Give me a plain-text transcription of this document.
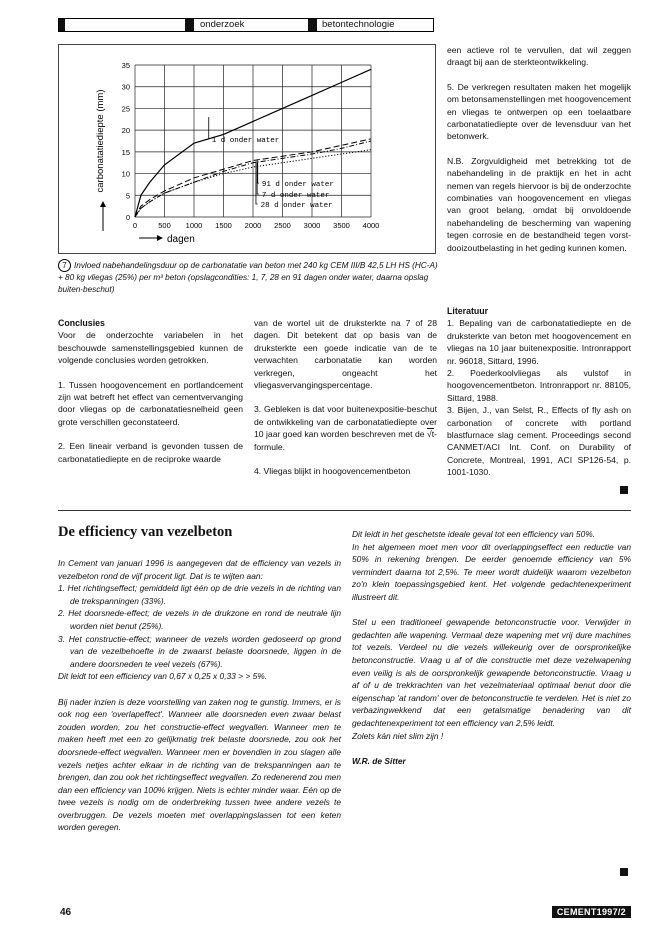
onderzoek	betontechnologie
0	500 1000 1500 2000 2500 3000 3500 4000
0
5
10
15
20
25
30
35
carbonatatiediepte (mm)
dagen
1 d onder water
91 d onder water
7 d onder water
28 d onder water
7 Invloed nabehandelingsduur op de carbonatatie van beton met 240 kg CEM III/B 42,5 LH HS (HC-A) + 80 kg vliegas (25%) per m³ beton (opslagcondities: 1, 7, 28 en 91 dagen onder water, daarna opslag buiten-beschut)

een actieve rol te vervullen, dat wil zeggen draagt bij aan de sterkteontwikkeling.

5. De verkregen resultaten maken het mogelijk om betonsamenstellingen met hoogovencement en vliegas te ontwerpen op een toelaatbare carbonatatiediepte over de levensduur van het betonwerk.

N.B. Zorgvuldigheid met betrekking tot de nabehandeling in de praktijk en het in acht nemen van regels hiervoor is bij de onderzochte combinaties van hoogovencement en vliegas van groot belang, omdat bij onvoldoende nabehandeling de bescherming van wapening tegen corrosie en de bestandheid tegen vorst-dooizoutbelasting in het geding kunnen komen.

Conclusies

Voor de onderzochte variabelen in het beschouwde samenstellingsgebied kunnen de volgende conclusies worden getrokken.

1. Tussen hoogovencement en portlandcement zijn wat betreft het effect van cementvervanging door vliegas op de carbonatatiesnelheid geen grote verschillen geconstateerd.

2. Een lineair verband is gevonden tussen de carbonatatiediepte en de reciproke waarde

van de wortel uit de druksterkte na 7 of 28 dagen. Dit betekent dat op basis van de druksterkte een goede indicatie van de te verwachten carbonatatie kan worden verkregen, ongeacht het vliegasvervangingspercentage.

3. Gebleken is dat voor buitenexpositie-beschut de ontwikkeling van de carbonatatiediepte over 10 jaar goed kan worden beschreven met de √t-formule.

4. Vliegas blijkt in hoogovencementbeton

Literatuur

1. Bepaling van de carbonatatiediepte en de druksterkte van beton met hoogovencement en vliegas na 10 jaar buitenexpositie. Intronrapport nr. 96018, Sittard, 1996.

2. Poederkoolvliegas als vulstof in hoogovencementbeton. Intronrapport nr. 88105, Sittard, 1988.

3. Bijen, J., van Selst, R., Effects of fly ash on carbonation of concrete with portland blastfurnace slag cement. Proceedings second CANMET/ACI Int. Conf. on Durability of Concrete, Montreal, 1991, ACI SP126-54, p. 1001-1030.

De efficiency van vezelbeton

In Cement van januari 1996 is aangegeven dat de efficiency van vezels in vezelbeton rond de vijf procent ligt. Dat is te wijten aan:

1. Het richtingseffect; gemiddeld ligt één op de drie vezels in de richting van de trekspanningen (33%).

2. Het doorsnede-effect; de vezels in de drukzone en rond de neutrale lijn worden niet benut (25%).

3. Het constructie-effect; wanneer de vezels worden gedoseerd op grond van de vezelbehoefte in de zwaarst belaste doorsnede, liggen in de andere doorsneden te veel vezels (67%).

Dit leidt tot een efficiency van 0,67 x 0,25 x 0,33 > > 5%.

Bij nader inzien is deze voorstelling van zaken nog te gunstig. Immers, er is ook nog een 'overlapeffect'. Wanneer alle doorsneden even zwaar belast zouden worden, zou het constructie-effect wegvallen. Wanneer men te maken heeft met een zo gelijkmatig trek belaste doorsnede, zou ook het doorsnede-effect wegvallen. Wanneer men er bovendien in zou slagen alle vezels netjes achter elkaar in de richting van de trekspanningen aan te brengen, dan zou ook het richtingseffect wegvallen. Zo redenerend zou men dan een efficiency van 100% krijgen. Niets is echter minder waar. Eén op de twee vezels is nodig om de onderbreking tussen twee andere vezels te overbruggen. De vezels moeten met overlappingslassen tot een keten worden geregen.

Dit leidt in het geschetste ideale geval tot een efficiency van 50%.

In het algemeen moet men voor dit overlappingseffect een reductie van 50% in rekening brengen. De eerder genoemde efficiency van 5% vermindert daarna tot 2,5%. Te meer wordt duidelijk waarom vezelbeton zo'n klein toepassingsgebied kent. Het volgende gedachtenexperiment illustreert dit.

Stel u een traditioneel gewapende betonconstructie voor. Verwijder in gedachten alle wapening. Vermaal deze wapening met vrij dure machines tot vezels. Verdeel nu die vezels willekeurig over de oorspronkelijke betonconstructie. Vraag u af of die constructie met deze vezelwapening even veilig is als de oorspronkelijk gewapende betonconstructie. Vraag u af of u de trekkrachten van het vezelmateriaal optimaal benut door die eigenschap 'at random' over de betonconstructie te verdelen. Het is niet zo verbazingwekkend dat een getalsmatige benadering van dit gedachtenexperiment tot een efficiency van 2,5% leidt.

Zolets kán niet slim zijn !

W.R. de Sitter

46	CEMENT1997/2
